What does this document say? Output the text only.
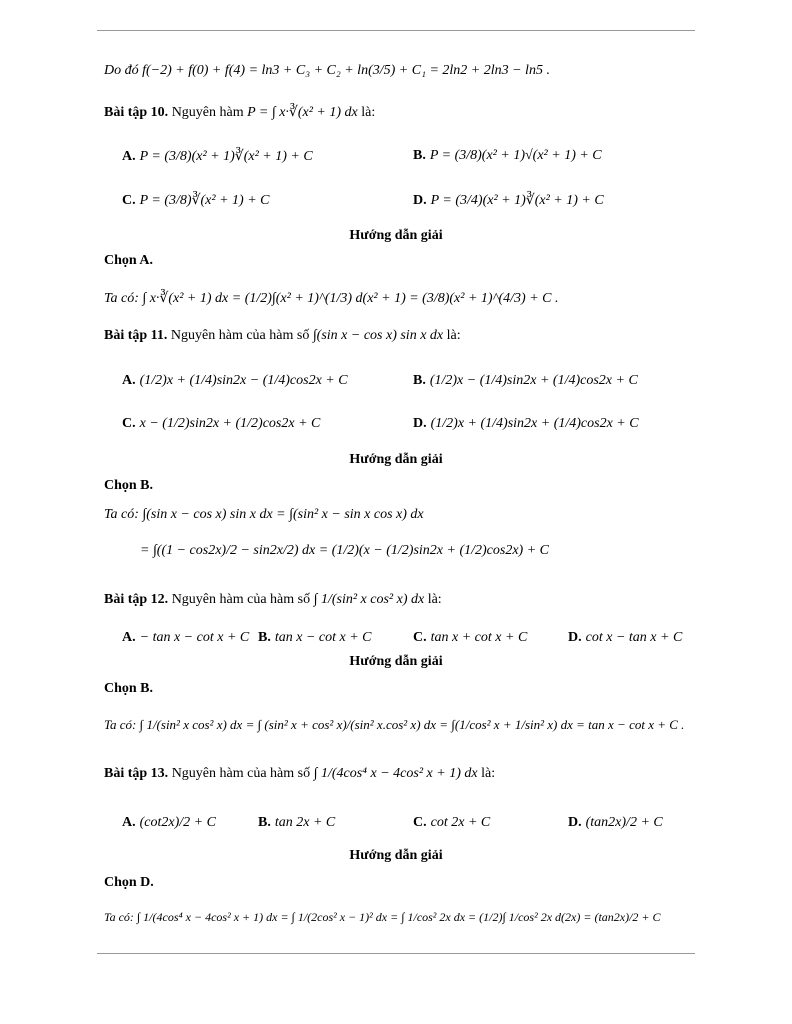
Do đó f(−2) + f(0) + f(4) = ln3 + C₃ + C₂ + ln(3/5) + C₁ = 2ln2 + 2ln3 − ln5 .
Bài tập 10. Nguyên hàm P = ∫ x·∛(x² + 1) dx là:
A. P = (3/8)(x² + 1)∛(x² + 1) + C	B. P = (3/8)(x² + 1)√(x² + 1) + C
C. P = (3/8)∛(x² + 1) + C	D. P = (3/4)(x² + 1)∛(x² + 1) + C
Hướng dẫn giải
Chọn A.
Ta có: ∫ x·∛(x² + 1) dx = (1/2)∫(x² + 1)^(1/3) d(x² + 1) = (3/8)(x² + 1)^(4/3) + C .
Bài tập 11. Nguyên hàm của hàm số ∫(sin x − cos x) sin x dx là:
A. (1/2)x + (1/4)sin2x − (1/4)cos2x + C	B. (1/2)x − (1/4)sin2x + (1/4)cos2x + C
C. x − (1/2)sin2x + (1/2)cos2x + C	D. (1/2)x + (1/4)sin2x + (1/4)cos2x + C
Hướng dẫn giải
Chọn B.
Ta có: ∫(sin x − cos x) sin x dx = ∫(sin² x − sin x cos x) dx
= ∫((1 − cos2x)/2 − sin2x/2) dx = (1/2)(x − (1/2)sin2x + (1/2)cos2x) + C
Bài tập 12. Nguyên hàm của hàm số ∫ 1/(sin² x cos² x) dx là:
A. − tan x − cot x + C B. tan x − cot x + C	C. tan x + cot x + C	D. cot x − tan x + C
Hướng dẫn giải
Chọn B.
Ta có: ∫ 1/(sin² x cos² x) dx = ∫ (sin² x + cos² x)/(sin² x.cos² x) dx = ∫(1/cos² x + 1/sin² x) dx = tan x − cot x + C .
Bài tập 13. Nguyên hàm của hàm số ∫ 1/(4cos⁴ x − 4cos² x + 1) dx là:
A. (cot2x)/2 + C	B. tan 2x + C	C. cot 2x + C	D. (tan2x)/2 + C
Hướng dẫn giải
Chọn D.
Ta có: ∫ 1/(4cos⁴ x − 4cos² x + 1) dx = ∫ 1/(2cos² x − 1)² dx = ∫ 1/cos² 2x dx = (1/2)∫ 1/cos² 2x d(2x) = (tan2x)/2 + C
